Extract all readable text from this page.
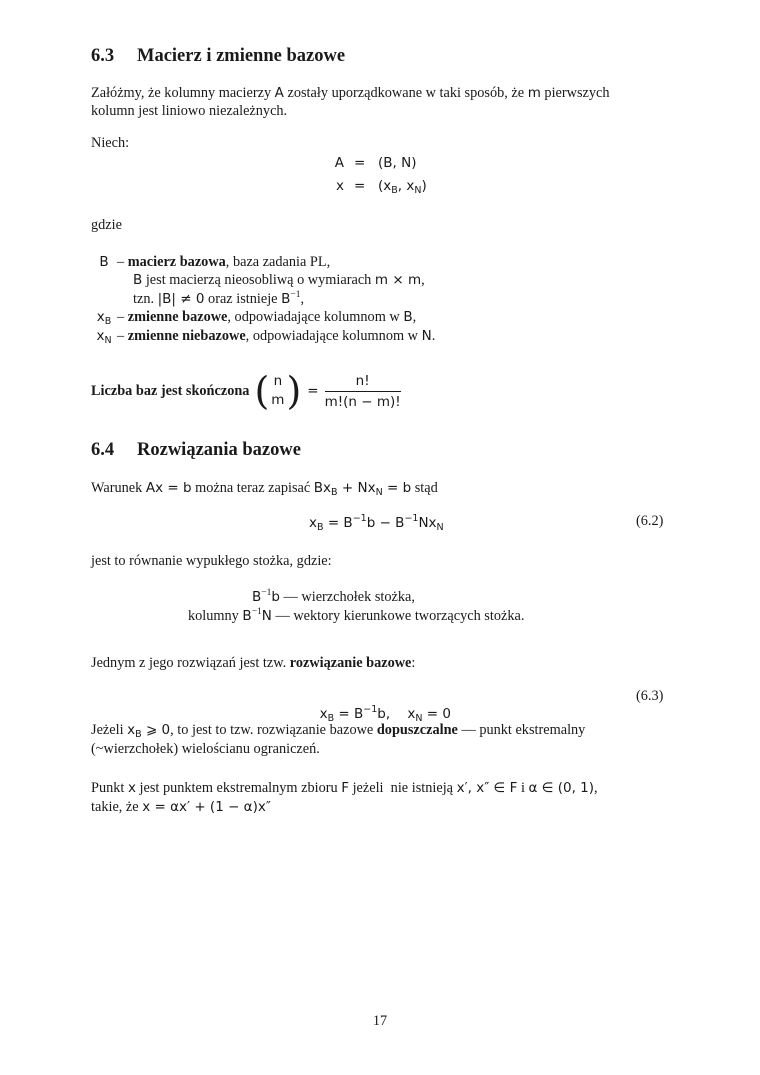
6.3 Macierz i zmienne bazowe
Załóżmy, że kolumny macierzy A zostały uporządkowane w taki sposób, że m pierwszych
kolumn jest liniowo niezależnych.
Niech:
A = (B, N)
$x = (x_B$, $x_N$)
gdzie
B – macierz bazowa, baza zadania PL,
B jest macierzą nieosobliwą o wymiarach m × m,
tzn. |B| ≠ 0 oraz istnieje $B^{-1}$,
$x_B$ – zmienne bazowe, odpowiadające kolumnom w B,
$x_N$ – zmienne niebazowe, odpowiadające kolumnom w N.
Liczba baz jest skończona ( n
m ) = $\frac{n!}{m!(n - m)!}$
6.4 Rozwiązania bazowe
Warunek Ax = b można teraz zapisać $Bx_B + Nx_N = b$ stąd
$x_B = B^{-1}b - B^{-1}Nx_N$	(6.2)
jest to równanie wypukłego stożka, gdzie:
$B^{-1}b$ — wierzchołek stożka,
kolumny $B^{-1}N$ — wektory kierunkowe tworzących stożka.
Jednym z jego rozwiązań jest tzw. rozwiązanie bazowe:

$x_B = B^{-1}b$,    $x_N = 0$

(6.3)
Jeżeli $x_B$ ⩾ 0, to jest to tzw. rozwiązanie bazowe dopuszczalne — punkt ekstremalny
(~wierzchołek) wielościanu ograniczeń.
Punkt x jest punktem ekstremalnym zbioru F jeżeli  nie istnieją x′, x″ ∈ F i α ∈ (0, 1),
takie, że x = αx′ + (1 − α)x″
17
